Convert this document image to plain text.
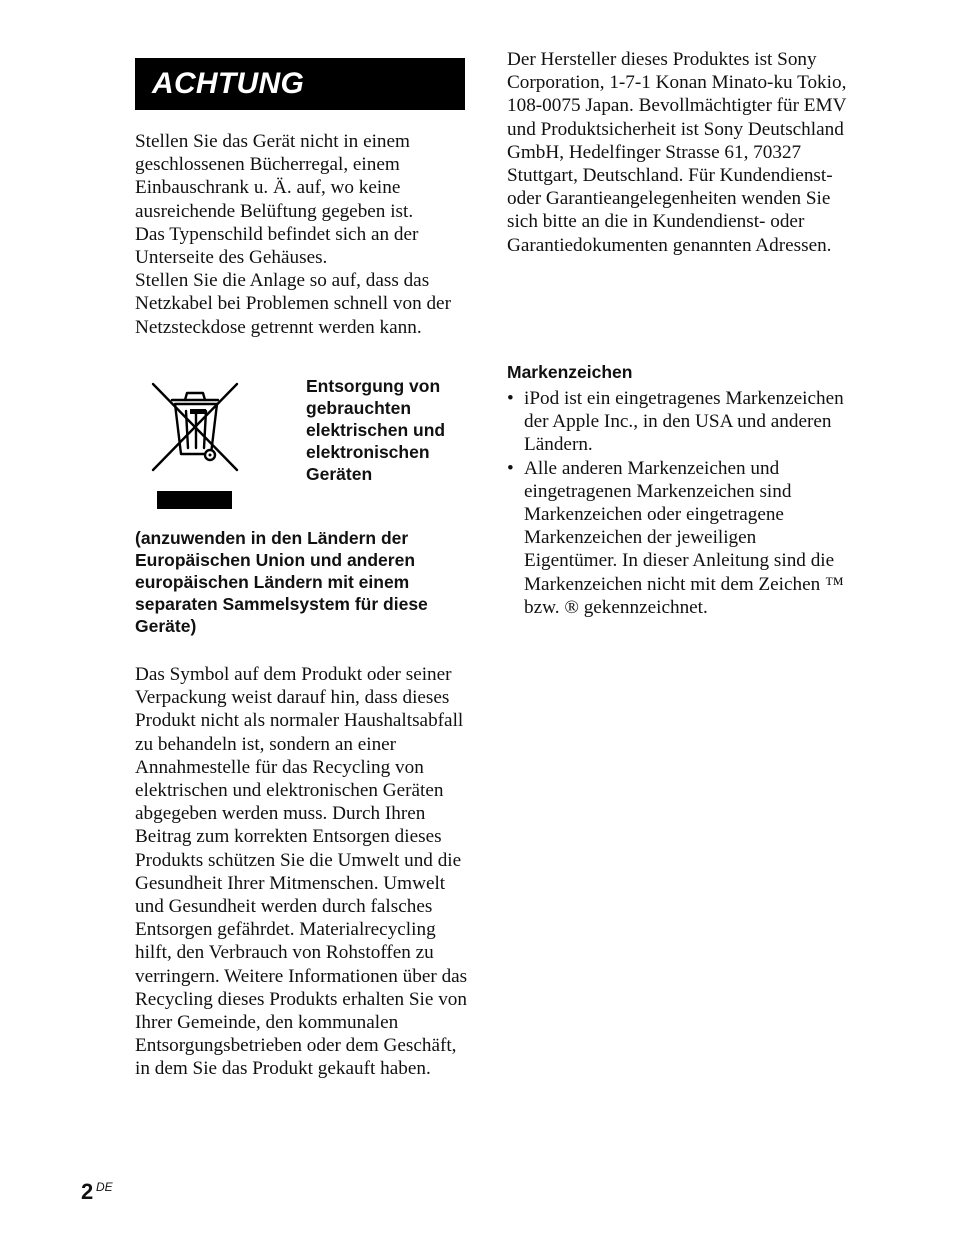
ACHTUNG

Stellen Sie das Gerät nicht in einem geschlossenen Bücherregal, einem Einbauschrank u. Ä. auf, wo keine ausreichende Belüftung gegeben ist.

Das Typenschild befindet sich an der Unterseite des Gehäuses.

Stellen Sie die Anlage so auf, dass das Netzkabel bei Problemen schnell von der Netzsteckdose getrennt werden kann.

Entsorgung von gebrauchten elektrischen und elektronischen Geräten
(anzuwenden in den Ländern der Europäischen Union und anderen europäischen Ländern mit einem separaten Sammelsystem für diese Geräte)
Das Symbol auf dem Produkt oder seiner Verpackung weist darauf hin, dass dieses Produkt nicht als normaler Haushaltsabfall zu behandeln ist, sondern an einer Annahmestelle für das Recycling von elektrischen und elektronischen Geräten abgegeben werden muss. Durch Ihren Beitrag zum korrekten Entsorgen dieses Produkts schützen Sie die Umwelt und die Gesundheit Ihrer Mitmenschen. Umwelt und Gesundheit werden durch falsches Entsorgen gefährdet. Materialrecycling hilft, den Verbrauch von Rohstoffen zu verringern. Weitere Informationen über das Recycling dieses Produkts erhalten Sie von Ihrer Gemeinde, den kommunalen Entsorgungsbetrieben oder dem Geschäft, in dem Sie das Produkt gekauft haben.

Der Hersteller dieses Produktes ist Sony Corporation, 1-7-1 Konan Minato-ku Tokio, 108-0075 Japan. Bevollmächtigter für EMV und Produktsicherheit ist Sony Deutschland GmbH, Hedelfinger Strasse 61, 70327 Stuttgart, Deutschland. Für Kundendienst- oder Garantieangelegenheiten wenden Sie sich bitte an die in Kundendienst- oder Garantiedokumenten genannten Adressen.

Markenzeichen
• iPod ist ein eingetragenes Markenzeichen der Apple Inc., in den USA und anderen Ländern.
• Alle anderen Markenzeichen und eingetragenen Markenzeichen sind Markenzeichen oder eingetragene Markenzeichen der jeweiligen Eigentümer. In dieser Anleitung sind die Markenzeichen nicht mit dem Zeichen ™ bzw. ® gekennzeichnet.
2 DE
